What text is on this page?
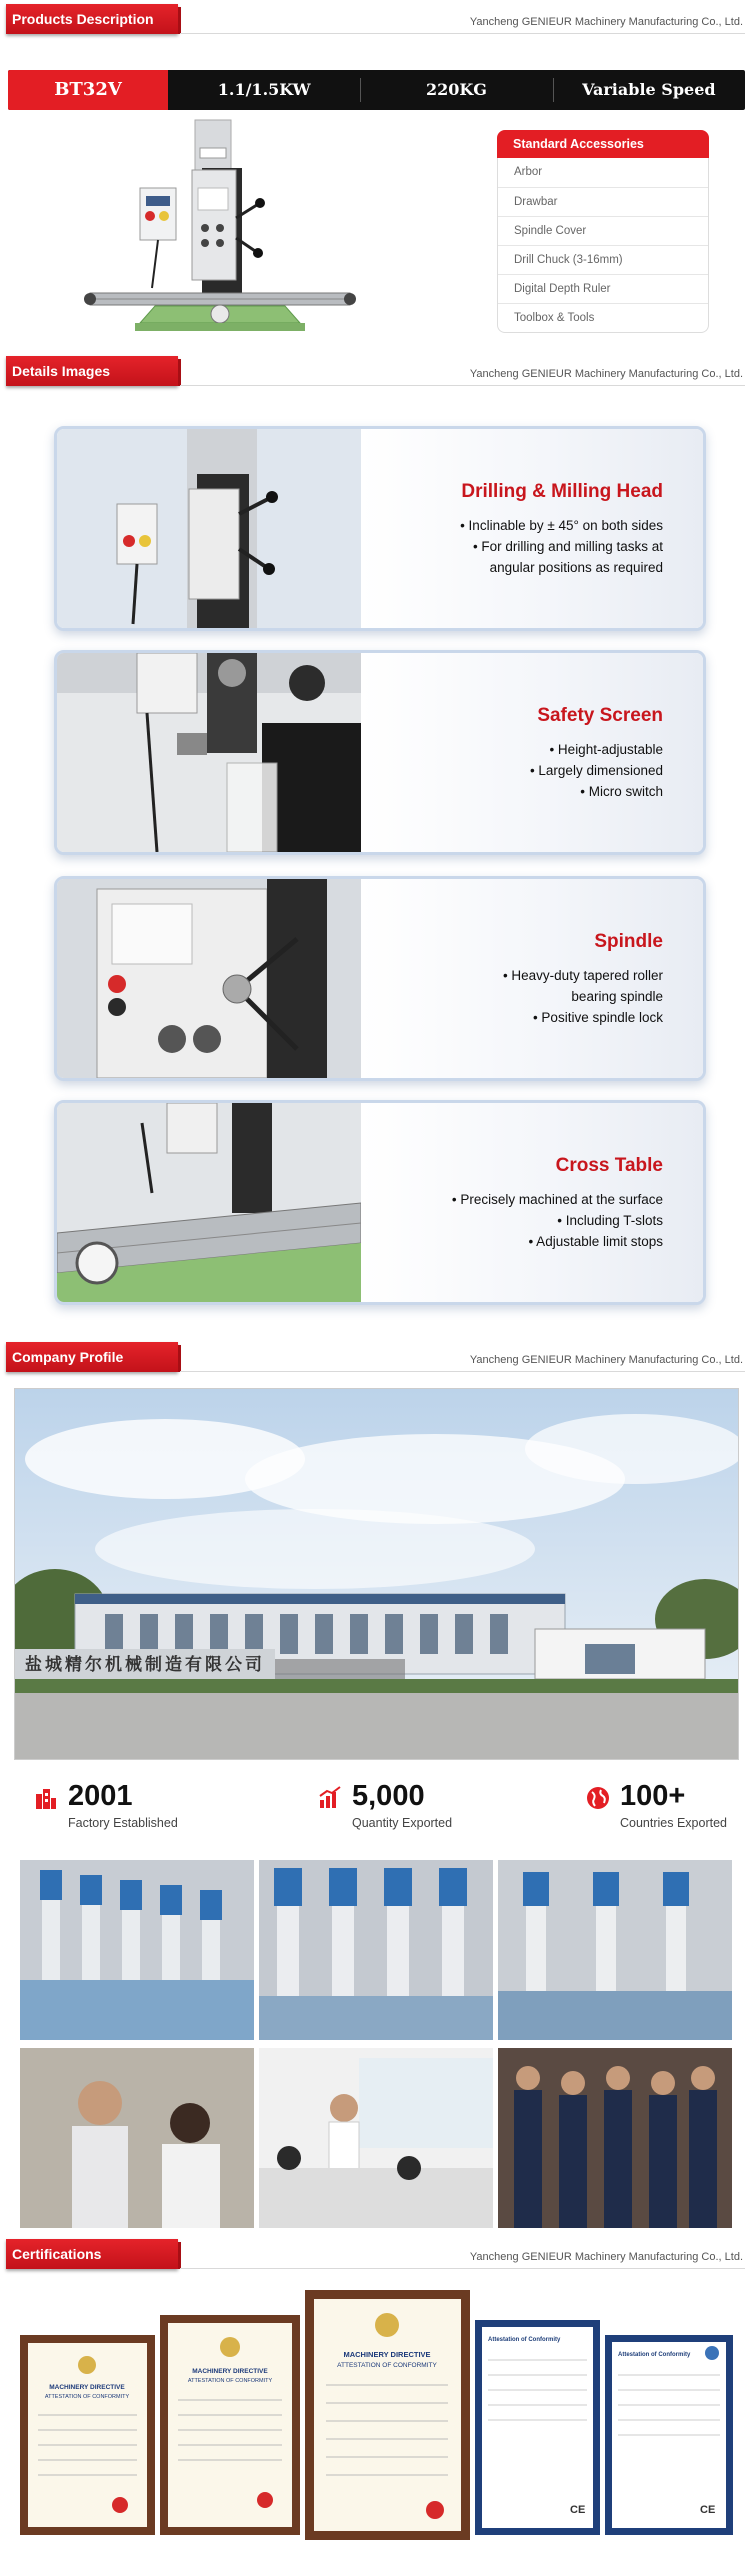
Products Description	Yancheng GENIEUR Machinery Manufacturing Co., Ltd.
BT32V	1.1/1.5KW	220KG	Variable Speed
Standard Accessories
Arbor
Drawbar
Spindle Cover
Drill Chuck (3-16mm)
Digital Depth Ruler
Toolbox & Tools
Details Images	Yancheng GENIEUR Machinery Manufacturing Co., Ltd.
Drilling & Milling Head
• Inclinable by ± 45° on both sides
• For drilling and milling tasks at
angular positions as required
Safety Screen
• Height-adjustable
• Largely dimensioned
• Micro switch
Spindle
• Heavy-duty tapered roller
bearing spindle
• Positive spindle lock
Cross Table
• Precisely machined at the surface
• Including T-slots
• Adjustable limit stops
Company Profile	Yancheng GENIEUR Machinery Manufacturing Co., Ltd.
盐城精尔机械制造有限公司
2001
Factory Established
5,000
Quantity Exported
100+
Countries Exported
Certifications	Yancheng GENIEUR Machinery Manufacturing Co., Ltd.
MACHINERY DIRECTIVE
ATTESTATION OF CONFORMITY
MACHINERY DIRECTIVE
ATTESTATION OF CONFORMITY
MACHINERY DIRECTIVE
ATTESTATION OF CONFORMITY
Attestation of Conformity
CE
Attestation of Conformity
CE
